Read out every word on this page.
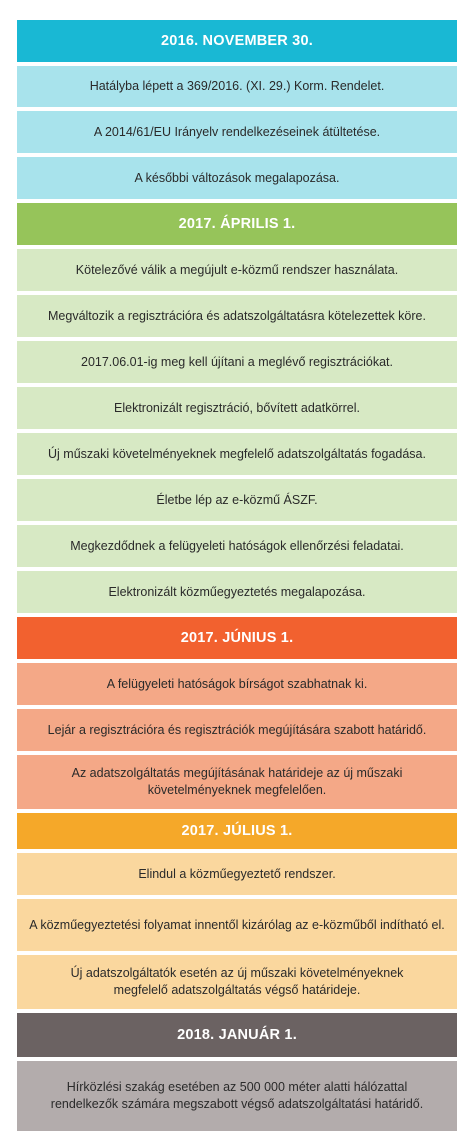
2016. NOVEMBER 30.
Hatályba lépett a 369/2016. (XI. 29.) Korm. Rendelet.
A 2014/61/EU Irányelv rendelkezéseinek átültetése.
A későbbi változások megalapozása.
2017. ÁPRILIS 1.
Kötelezővé válik a megújult e-közmű rendszer használata.
Megváltozik a regisztrációra és adatszolgáltatásra kötelezettek köre.
2017.06.01-ig meg kell újítani a meglévő regisztrációkat.
Elektronizált regisztráció, bővített adatkörrel.
Új műszaki követelményeknek megfelelő adatszolgáltatás fogadása.
Életbe lép az e-közmű ÁSZF.
Megkezdődnek a felügyeleti hatóságok ellenőrzési feladatai.
Elektronizált közműegyeztetés megalapozása.
2017. JÚNIUS 1.
A felügyeleti hatóságok bírságot szabhatnak ki.
Lejár a regisztrációra és regisztrációk megújítására szabott határidő.
Az adatszolgáltatás megújításának határideje az új műszaki követelményeknek megfelelően.
2017. JÚLIUS 1.
Elindul a közműegyeztető rendszer.
A közműegyeztetési folyamat innentől kizárólag az e-közműből indítható el.
Új adatszolgáltatók esetén az új műszaki követelményeknek megfelelő adatszolgáltatás végső határideje.
2018. JANUÁR 1.
Hírközlési szakág esetében az 500 000 méter alatti hálózattal rendelkezők számára megszabott végső adatszolgáltatási határidő.
